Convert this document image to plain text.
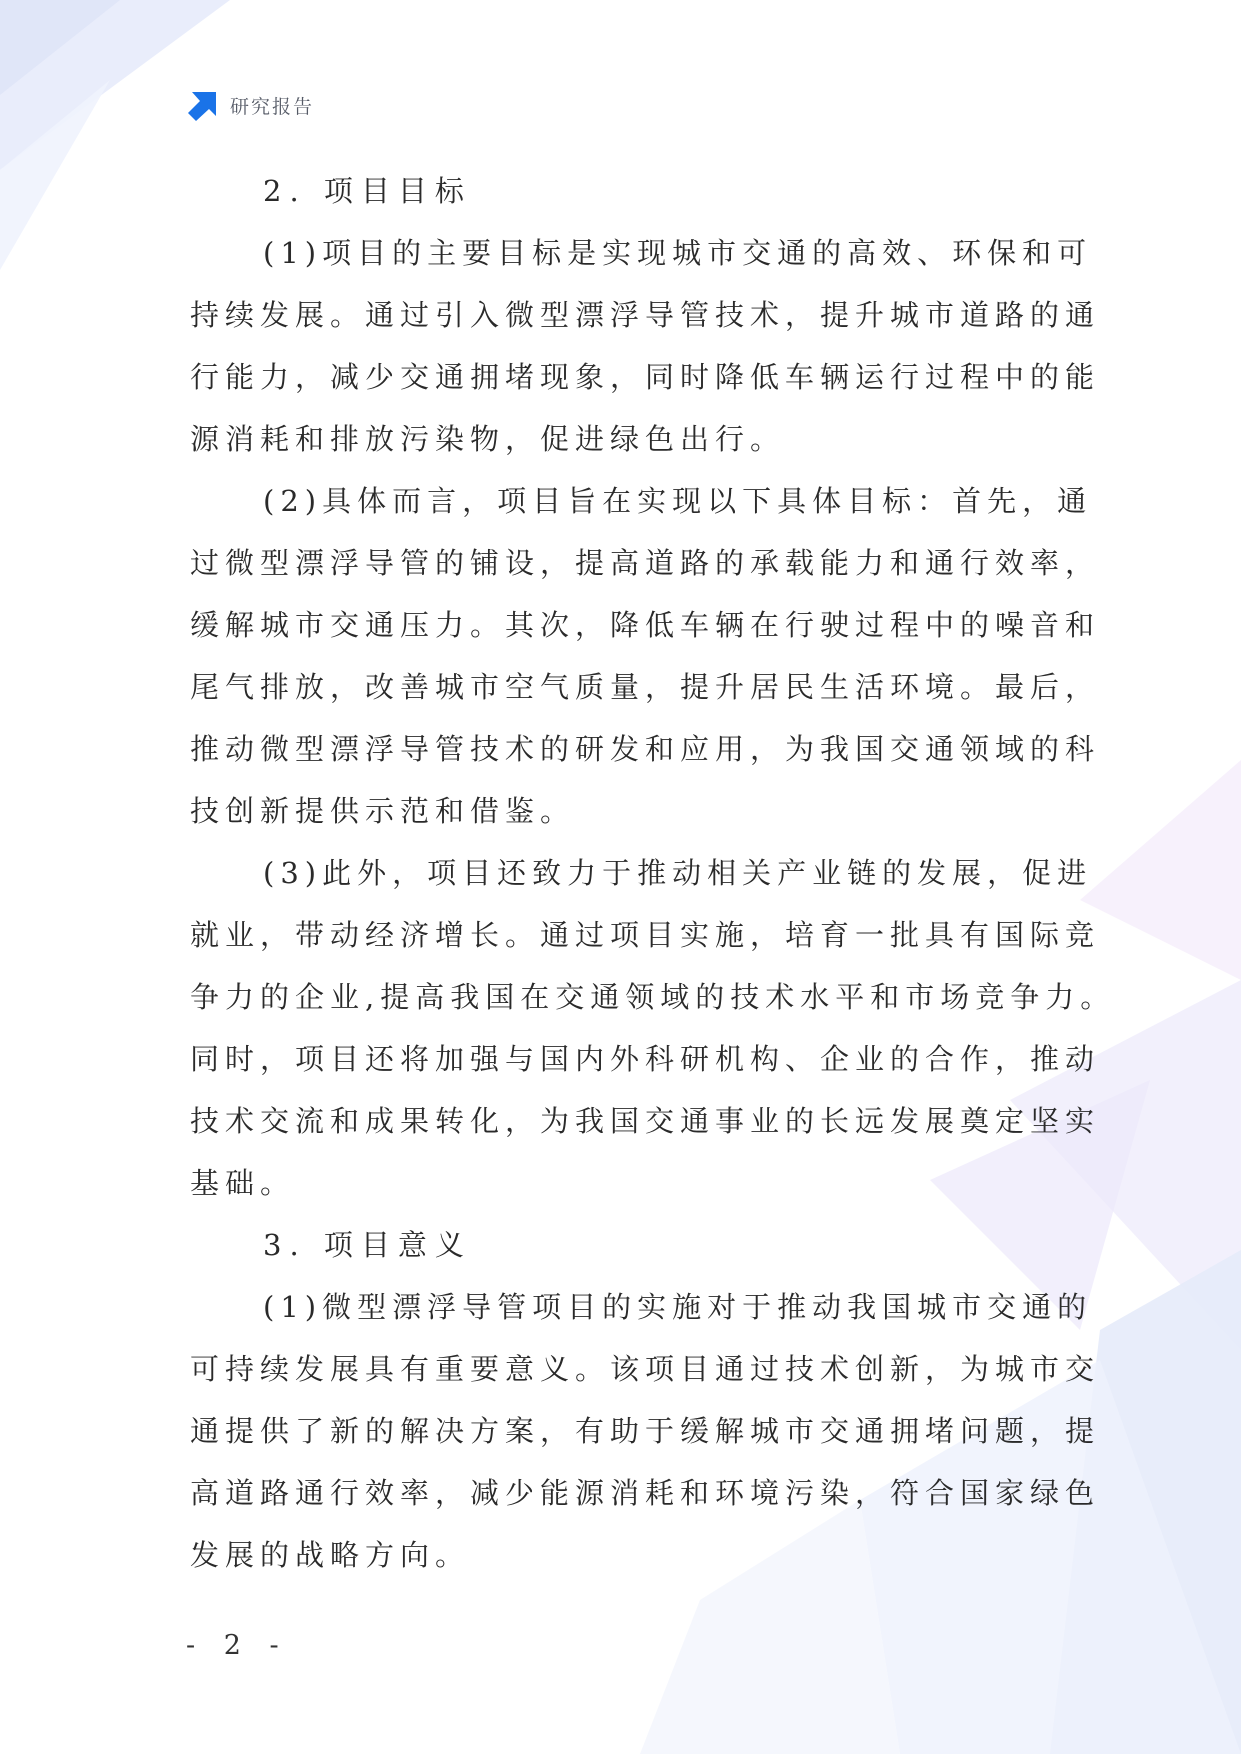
研究报告
2. 项目目标

(1)项目的主要目标是实现城市交通的高效、环保和可
持续发展。通过引入微型漂浮导管技术，提升城市道路的通
行能力，减少交通拥堵现象，同时降低车辆运行过程中的能
源消耗和排放污染物，促进绿色出行。

(2)具体而言，项目旨在实现以下具体目标：首先，通
过微型漂浮导管的铺设，提高道路的承载能力和通行效率，
缓解城市交通压力。其次，降低车辆在行驶过程中的噪音和
尾气排放，改善城市空气质量，提升居民生活环境。最后，
推动微型漂浮导管技术的研发和应用，为我国交通领域的科
技创新提供示范和借鉴。

(3)此外，项目还致力于推动相关产业链的发展，促进
就业，带动经济增长。通过项目实施，培育一批具有国际竞
争力的企业,提高我国在交通领域的技术水平和市场竞争力。
同时，项目还将加强与国内外科研机构、企业的合作，推动
技术交流和成果转化，为我国交通事业的长远发展奠定坚实
基础。

3. 项目意义

(1)微型漂浮导管项目的实施对于推动我国城市交通的
可持续发展具有重要意义。该项目通过技术创新，为城市交
通提供了新的解决方案，有助于缓解城市交通拥堵问题，提
高道路通行效率，减少能源消耗和环境污染，符合国家绿色
发展的战略方向。

- 2 -
